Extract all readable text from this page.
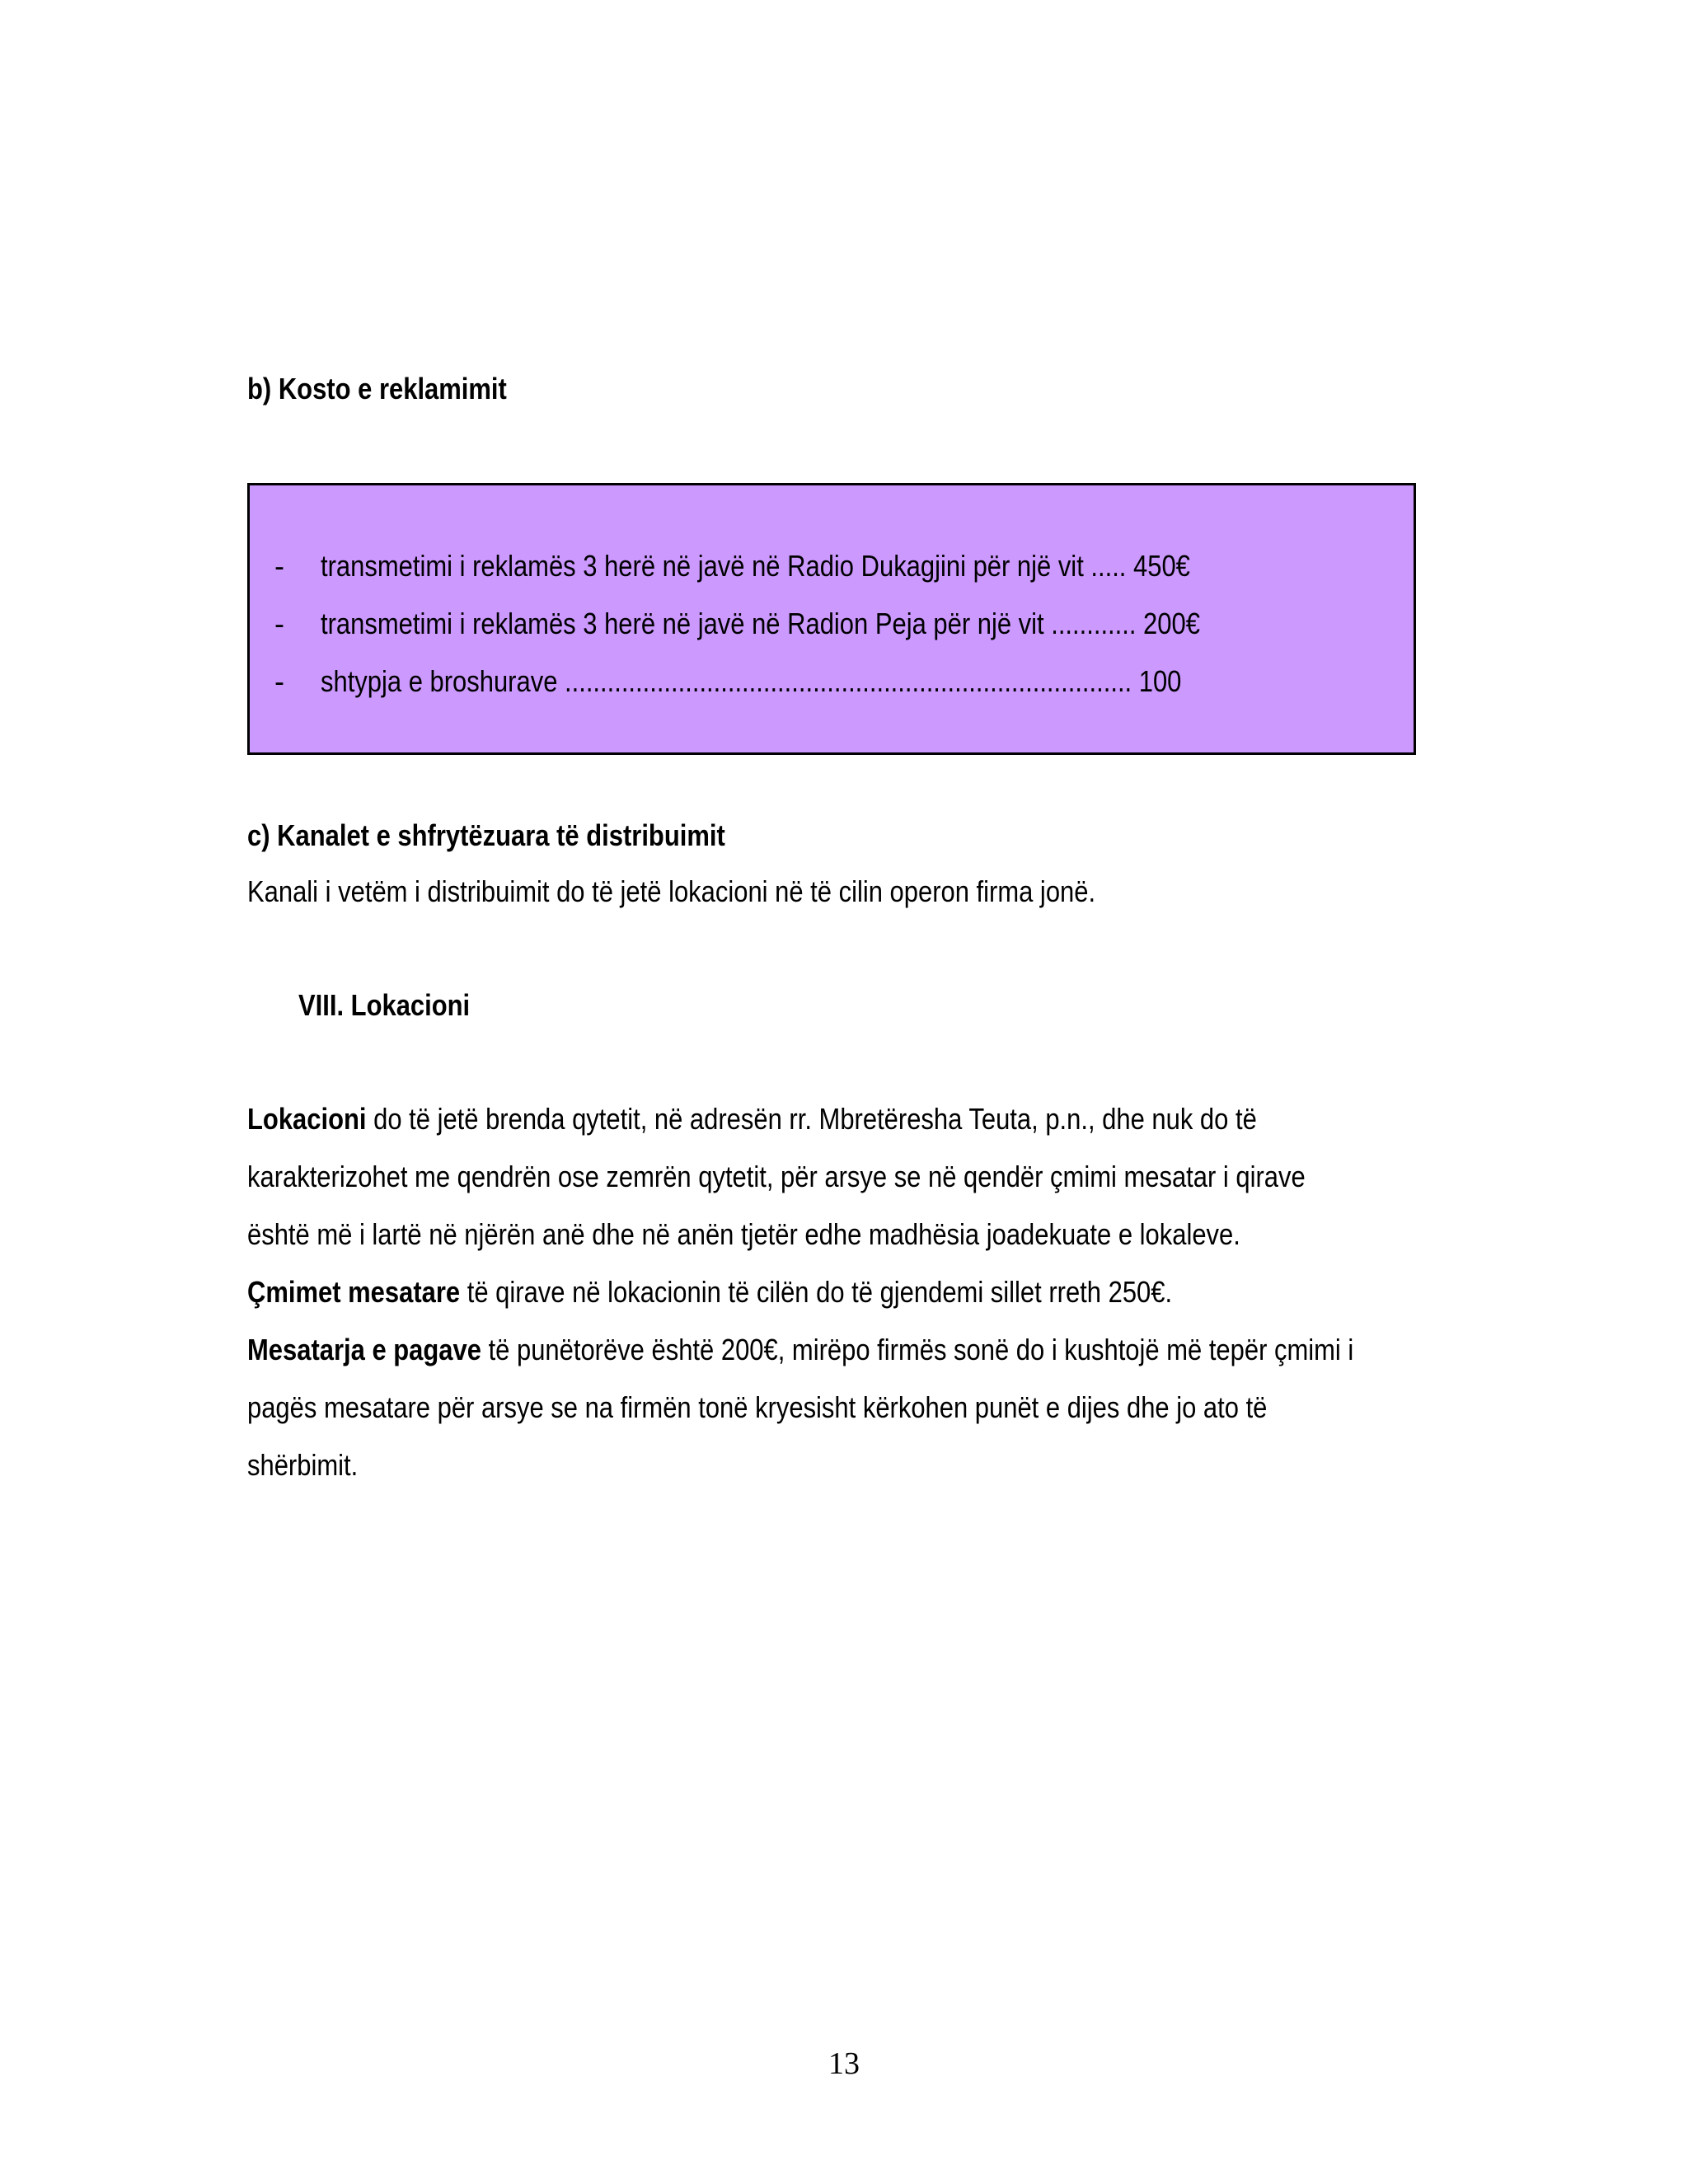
b) Kosto e reklamimit
- transmetimi i reklamës 3 herë në javë në Radio Dukagjini për një vit ..... 450€
- transmetimi i reklamës 3 herë në javë në Radion Peja për një vit ............ 200€
- shtypja e broshurave ................................................................................ 100
c) Kanalet e shfrytëzuara të distribuimit
Kanali i vetëm i distribuimit do të jetë lokacioni në të cilin operon firma jonë.
VIII. Lokacioni
Lokacioni do të jetë brenda qytetit, në adresën rr. Mbretëresha Teuta, p.n., dhe nuk do të
karakterizohet me qendrën ose zemrën qytetit, për arsye se në qendër çmimi mesatar i qirave
është më i lartë në njërën anë dhe në anën tjetër edhe madhësia joadekuate e lokaleve.
Çmimet mesatare të qirave në lokacionin të cilën do të gjendemi sillet rreth 250€.
Mesatarja e pagave të punëtorëve është 200€, mirëpo firmës sonë do i kushtojë më tepër çmimi i
pagës mesatare për arsye se na firmën tonë kryesisht kërkohen punët e dijes dhe jo ato të
shërbimit.
13
